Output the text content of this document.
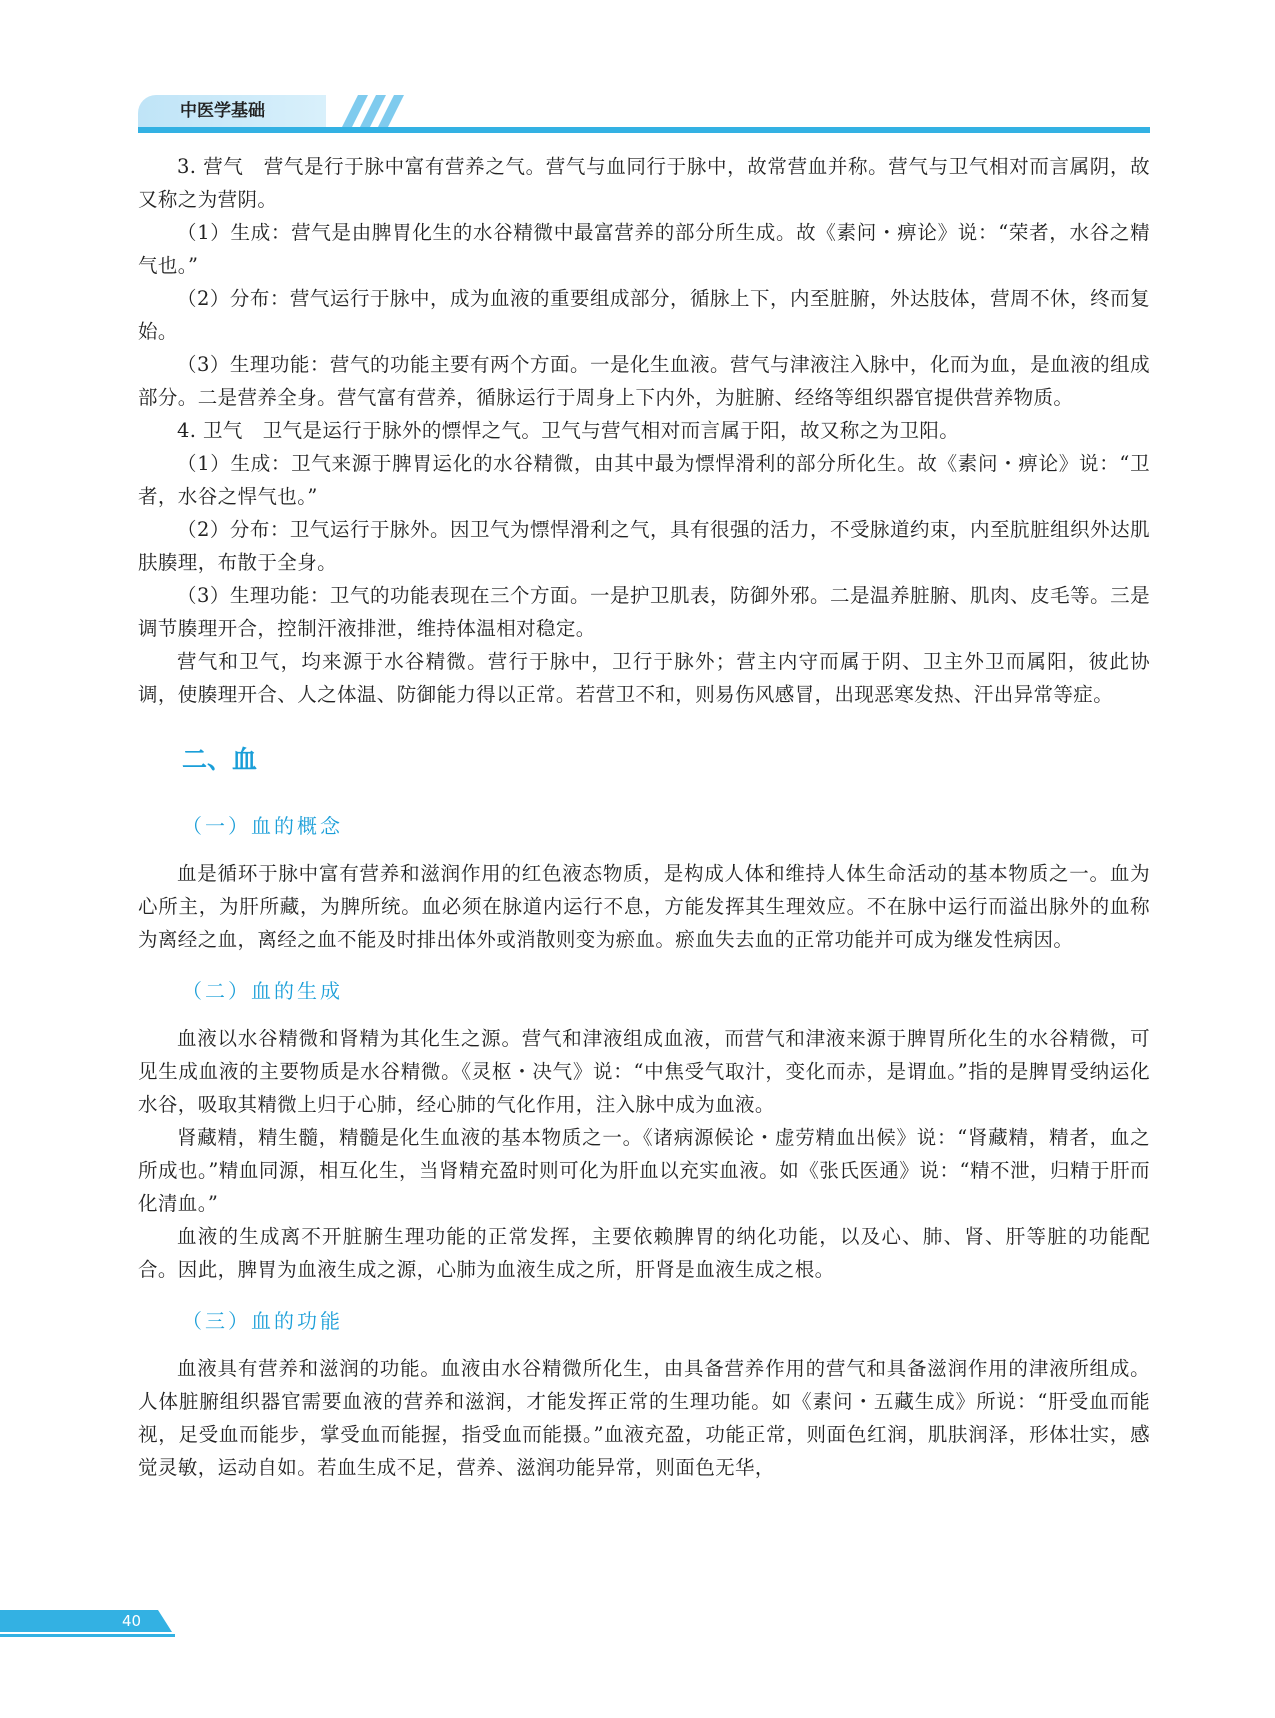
中医学基础

3. 营气　营气是行于脉中富有营养之气。营气与血同行于脉中，故常营血并称。营气与卫气相对而言属阴，故又称之为营阴。

（1）生成：营气是由脾胃化生的水谷精微中最富营养的部分所生成。故《素问・痹论》说：“荣者，水谷之精气也。”

（2）分布：营气运行于脉中，成为血液的重要组成部分，循脉上下，内至脏腑，外达肢体，营周不休，终而复始。

（3）生理功能：营气的功能主要有两个方面。一是化生血液。营气与津液注入脉中，化而为血，是血液的组成部分。二是营养全身。营气富有营养，循脉运行于周身上下内外，为脏腑、经络等组织器官提供营养物质。

4. 卫气　卫气是运行于脉外的慓悍之气。卫气与营气相对而言属于阳，故又称之为卫阳。

（1）生成：卫气来源于脾胃运化的水谷精微，由其中最为慓悍滑利的部分所化生。故《素问・痹论》说：“卫者，水谷之悍气也。”

（2）分布：卫气运行于脉外。因卫气为慓悍滑利之气，具有很强的活力，不受脉道约束，内至肮脏组织外达肌肤腠理，布散于全身。

（3）生理功能：卫气的功能表现在三个方面。一是护卫肌表，防御外邪。二是温养脏腑、肌肉、皮毛等。三是调节腠理开合，控制汗液排泄，维持体温相对稳定。

营气和卫气，均来源于水谷精微。营行于脉中，卫行于脉外；营主内守而属于阴、卫主外卫而属阳，彼此协调，使腠理开合、人之体温、防御能力得以正常。若营卫不和，则易伤风感冒，出现恶寒发热、汗出异常等症。

二、血
（一）血的概念

血是循环于脉中富有营养和滋润作用的红色液态物质，是构成人体和维持人体生命活动的基本物质之一。血为心所主，为肝所藏，为脾所统。血必须在脉道内运行不息，方能发挥其生理效应。不在脉中运行而溢出脉外的血称为离经之血，离经之血不能及时排出体外或消散则变为瘀血。瘀血失去血的正常功能并可成为继发性病因。

（二）血的生成

血液以水谷精微和肾精为其化生之源。营气和津液组成血液，而营气和津液来源于脾胃所化生的水谷精微，可见生成血液的主要物质是水谷精微。《灵枢・决气》说：“中焦受气取汁，变化而赤，是谓血。”指的是脾胃受纳运化水谷，吸取其精微上归于心肺，经心肺的气化作用，注入脉中成为血液。

肾藏精，精生髓，精髓是化生血液的基本物质之一。《诸病源候论・虚劳精血出候》说：“肾藏精，精者，血之所成也。”精血同源，相互化生，当肾精充盈时则可化为肝血以充实血液。如《张氏医通》说：“精不泄，归精于肝而化清血。”

血液的生成离不开脏腑生理功能的正常发挥，主要依赖脾胃的纳化功能，以及心、肺、肾、肝等脏的功能配合。因此，脾胃为血液生成之源，心肺为血液生成之所，肝肾是血液生成之根。

（三）血的功能

血液具有营养和滋润的功能。血液由水谷精微所化生，由具备营养作用的营气和具备滋润作用的津液所组成。人体脏腑组织器官需要血液的营养和滋润，才能发挥正常的生理功能。如《素问・五藏生成》所说：“肝受血而能视，足受血而能步，掌受血而能握，指受血而能摄。”血液充盈，功能正常，则面色红润，肌肤润泽，形体壮实，感觉灵敏，运动自如。若血生成不足，营养、滋润功能异常，则面色无华，

40
